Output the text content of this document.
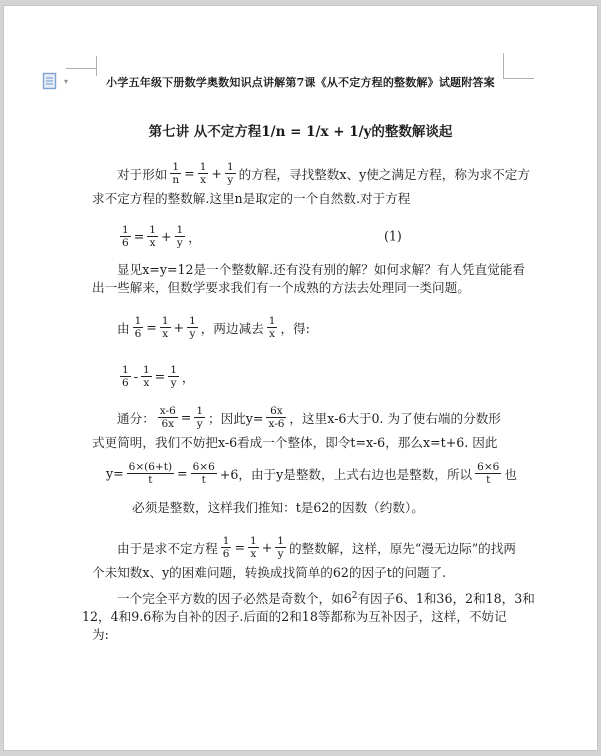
▾	小学五年级下册数学奥数知识点讲解第7课《从不定方程的整数解》试题附答案
第七讲 从不定方程1/n = 1/x + 1/y的整数解谈起
对于形如 $\frac{1}{n} = \frac{1}{x} + \frac{1}{y}$ 的方程，寻找整数x、y使之满足方程，称为求不定方
求不定方程的整数解.这里n是取定的一个自然数.对于方程
$\frac{1}{6} = \frac{1}{x} + \frac{1}{y}$ ，	(1)
显见x=y=12是一个整数解.还有没有别的解？如何求解？有人凭直觉能看
出一些解来，但数学要求我们有一个成熟的方法去处理同一类问题。
由 $\frac{1}{6} = \frac{1}{x} + \frac{1}{y}$ ，两边减去 $\frac{1}{x}$ ，得:
$\frac{1}{6} - \frac{1}{x} = \frac{1}{y}$ ，
通分： $\frac{x-6}{6x} = \frac{1}{y}$ ；因此$y= \frac{6x}{x-6}$ ，这里x-6大于0. 为了使右端的分数形
式更简明，我们不妨把x-6看成一个整体，即令t=x-6，那么x=t+6. 因此
$y= \frac{6\times(6+t)}{t} = \frac{6\times 6}{t} +6$，由于y是整数，上式右边也是整数，所以 $\frac{6\times 6}{t}$ 也
必须是整数，这样我们推知：t是62的因数（约数）。
由于是求不定方程 $\frac{1}{6} = \frac{1}{x} + \frac{1}{y}$ 的整数解，这样，原先“漫无边际”的找两
个未知数x、y的困难问题，转换成找简单的62的因子t的问题了.
一个完全平方数的因子必然是奇数个，如$6^2$有因子6、1和36，2和18，3和
12，4和9.6称为自补的因子.后面的2和18等都称为互补因子，这样，不妨记
为:
